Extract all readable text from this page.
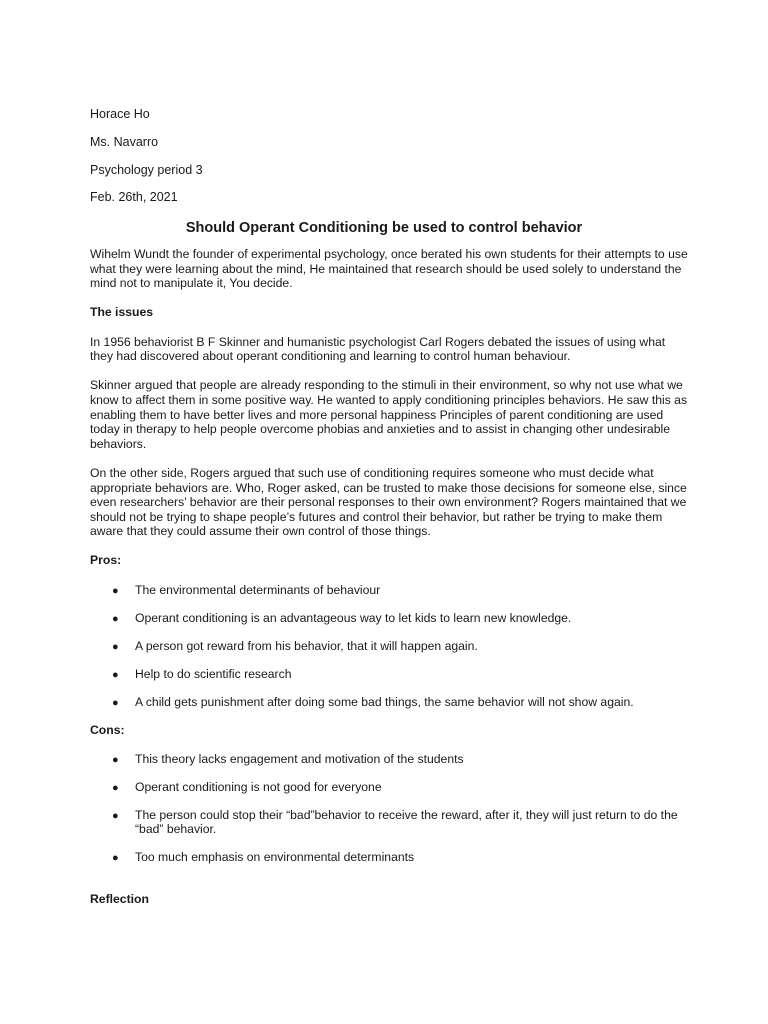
Horace Ho

Ms. Navarro

Psychology period 3

Feb. 26th, 2021

Should Operant Conditioning be used to control behavior

Wihelm Wundt the founder of experimental psychology, once berated his own students for their attempts to use what they were learning about the mind, He maintained that research should be used solely to understand the mind not to manipulate it, You decide.

The issues

In 1956 behaviorist B F Skinner and humanistic psychologist Carl Rogers debated the issues of using what they had discovered about operant conditioning and learning to control human behaviour.

Skinner argued that people are already responding to the stimuli in their environment, so why not use what we know to affect them in some positive way. He wanted to apply conditioning principles behaviors. He saw this as enabling them to have better lives and more personal happiness Principles of parent conditioning are used today in therapy to help people overcome phobias and anxieties and to assist in changing other undesirable behaviors.

On the other side, Rogers argued that such use of conditioning requires someone who must decide what appropriate behaviors are. Who, Roger asked, can be trusted to make those decisions for someone else, since even researchers’ behavior are their personal responses to their own environment? Rogers maintained that we should not be trying to shape people’s futures and control their behavior, but rather be trying to make them aware that they could assume their own control of those things.

Pros:

● The environmental determinants of behaviour
● Operant conditioning is an advantageous way to let kids to learn new knowledge.
● A person got reward from his behavior, that it will happen again.
● Help to do scientific research
● A child gets punishment after doing some bad things, the same behavior will not show again.

Cons:

● This theory lacks engagement and motivation of the students
● Operant conditioning is not good for everyone
● The person could stop their “bad”behavior to receive the reward, after it, they will just return to do the “bad” behavior.
● Too much emphasis on environmental determinants

Reflection
